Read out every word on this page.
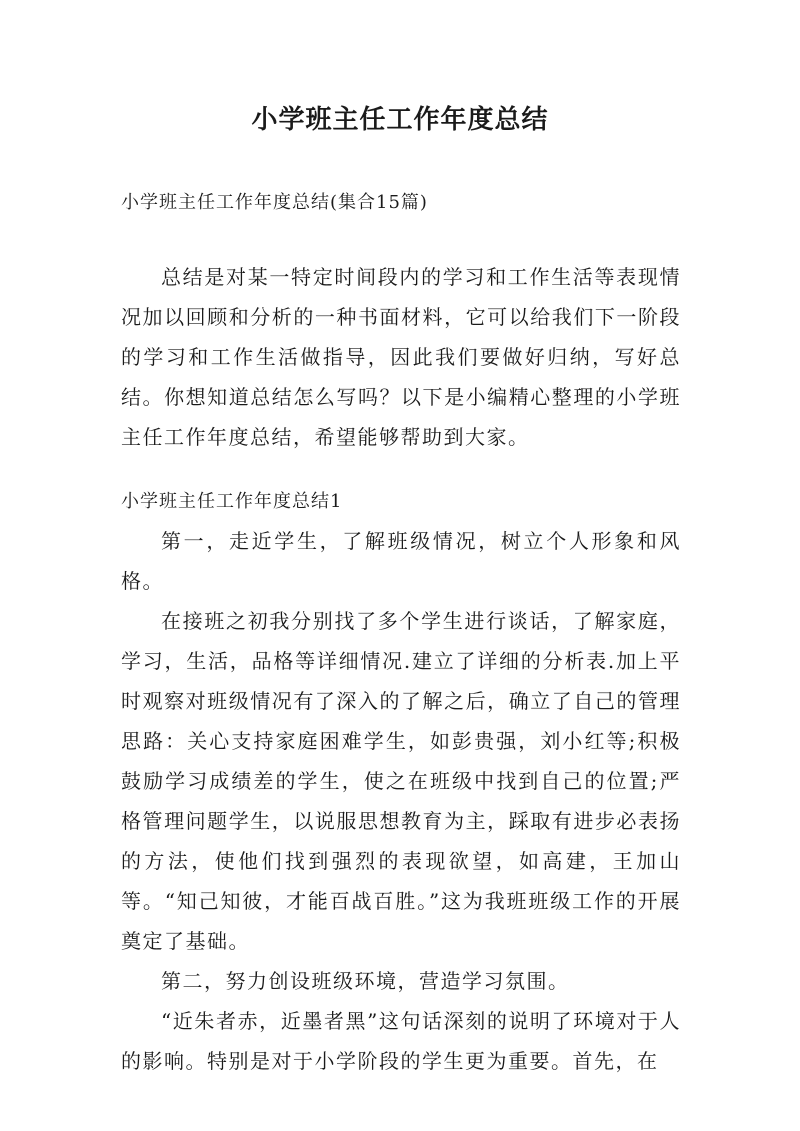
小学班主任工作年度总结

小学班主任工作年度总结(集合15篇)

总结是对某一特定时间段内的学习和工作生活等表现情况加以回顾和分析的一种书面材料，它可以给我们下一阶段的学习和工作生活做指导，因此我们要做好归纳，写好总结。你想知道总结怎么写吗？以下是小编精心整理的小学班主任工作年度总结，希望能够帮助到大家。

小学班主任工作年度总结1

第一，走近学生，了解班级情况，树立个人形象和风格。

在接班之初我分别找了多个学生进行谈话，了解家庭，学习，生活，品格等详细情况.建立了详细的分析表.加上平时观察对班级情况有了深入的了解之后，确立了自己的管理思路：关心支持家庭困难学生，如彭贵强，刘小红等;积极鼓励学习成绩差的学生，使之在班级中找到自己的位置;严格管理问题学生，以说服思想教育为主，踩取有进步必表扬的方法，使他们找到强烈的表现欲望，如高建，王加山等。“知己知彼，才能百战百胜。”这为我班班级工作的开展奠定了基础。

第二，努力创设班级环境，营造学习氛围。

“近朱者赤，近墨者黑”这句话深刻的说明了环境对于人的影响。特别是对于小学阶段的学生更为重要。首先，在
